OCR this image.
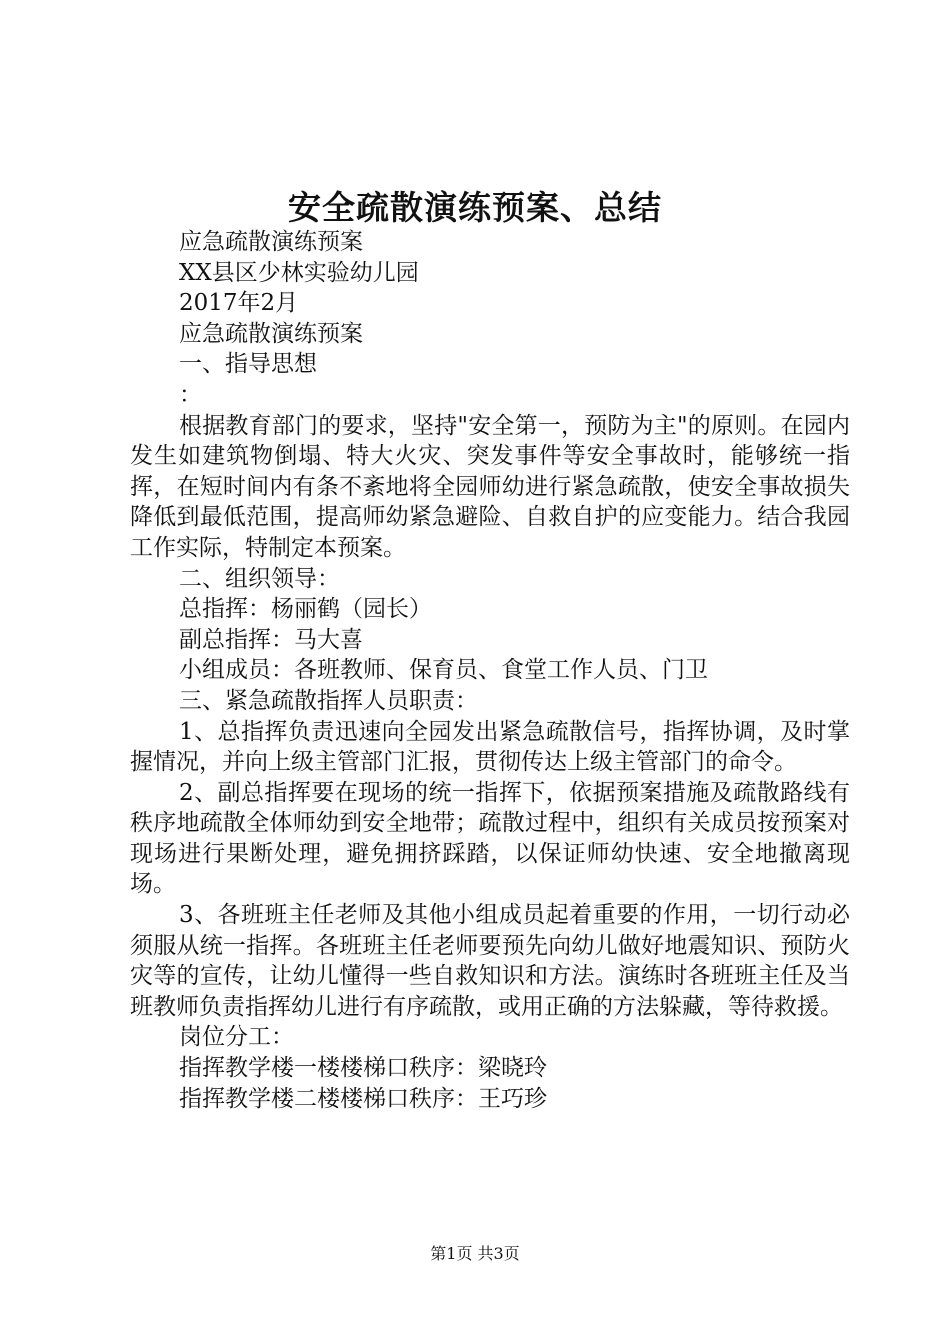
安全疏散演练预案、总结

应急疏散演练预案

XX县区少林实验幼儿园

2017年2月

应急疏散演练预案

一、指导思想

：

根据教育部门的要求，坚持"安全第一，预防为主"的原则。在园内发生如建筑物倒塌、特大火灾、突发事件等安全事故时，能够统一指挥，在短时间内有条不紊地将全园师幼进行紧急疏散，使安全事故损失降低到最低范围，提高师幼紧急避险、自救自护的应变能力。结合我园工作实际，特制定本预案。

二、组织领导：

总指挥：杨丽鹤（园长）

副总指挥：马大喜

小组成员：各班教师、保育员、食堂工作人员、门卫

三、紧急疏散指挥人员职责：

1、总指挥负责迅速向全园发出紧急疏散信号，指挥协调，及时掌握情况，并向上级主管部门汇报，贯彻传达上级主管部门的命令。

2、副总指挥要在现场的统一指挥下，依据预案措施及疏散路线有秩序地疏散全体师幼到安全地带；疏散过程中，组织有关成员按预案对现场进行果断处理，避免拥挤踩踏，以保证师幼快速、安全地撤离现场。

3、各班班主任老师及其他小组成员起着重要的作用，一切行动必须服从统一指挥。各班班主任老师要预先向幼儿做好地震知识、预防火灾等的宣传，让幼儿懂得一些自救知识和方法。演练时各班班主任及当班教师负责指挥幼儿进行有序疏散，或用正确的方法躲藏，等待救援。

岗位分工：

指挥教学楼一楼楼梯口秩序：梁晓玲

指挥教学楼二楼楼梯口秩序：王巧珍

第1页 共3页
